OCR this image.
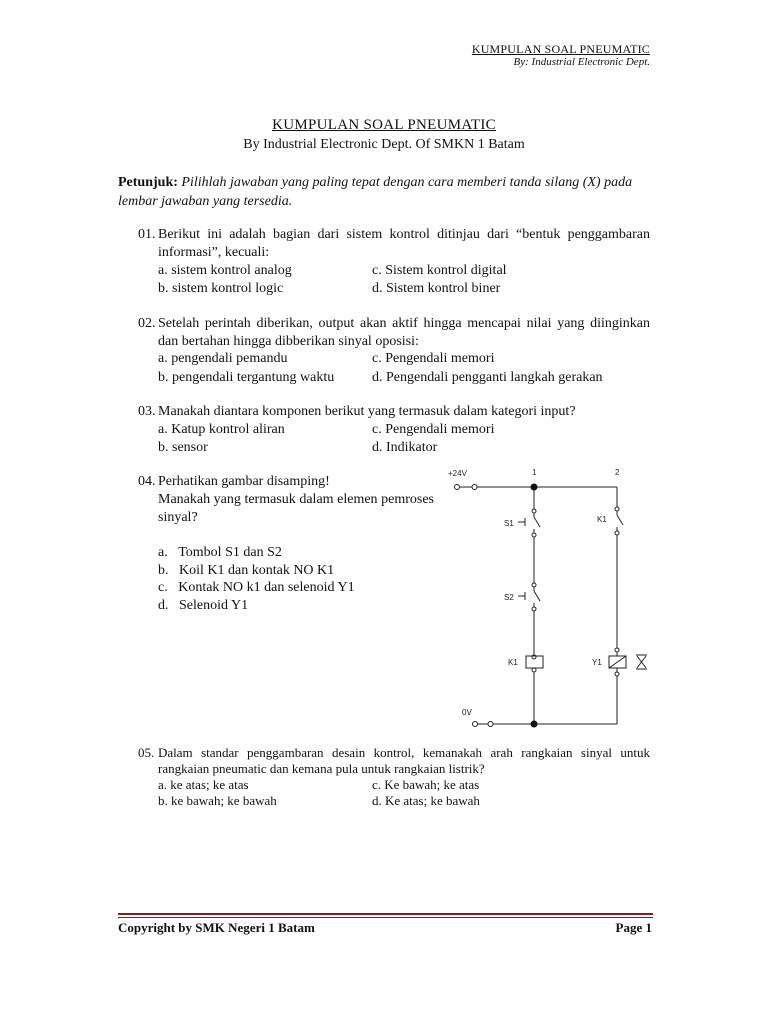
KUMPULAN SOAL PNEUMATIC
By: Industrial Electronic Dept.
KUMPULAN SOAL PNEUMATIC
By Industrial Electronic Dept. Of SMKN 1 Batam
Petunjuk: Pilihlah jawaban yang paling tepat dengan cara memberi tanda silang (X) pada lembar jawaban yang tersedia.
01. Berikut ini adalah bagian dari sistem kontrol ditinjau dari “bentuk penggambaran informasi”, kecuali:
a. sistem kontrol analog	c. Sistem kontrol digital
b. sistem kontrol logic	d. Sistem kontrol biner
02. Setelah perintah diberikan, output akan aktif hingga mencapai nilai yang diinginkan dan bertahan hingga dibberikan sinyal oposisi:
a. pengendali pemandu	c. Pengendali memori
b. pengendali tergantung waktu	d. Pengendali pengganti langkah gerakan
03. Manakah diantara komponen berikut yang termasuk dalam kategori input?
a. Katup kontrol aliran	c. Pengendali memori
b. sensor	d. Indikator
04. Perhatikan gambar disamping!
Manakah yang termasuk dalam elemen pemroses sinyal?
a.   Tombol S1 dan S2
b.   Koil K1 dan kontak NO K1
c.   Kontak NO k1 dan selenoid Y1
d.   Selenoid Y1
+24V
0V
1	2
S1
S2
K1
K1	Y1
05. Dalam standar penggambaran desain kontrol, kemanakah arah rangkaian sinyal untuk rangkaian pneumatic dan kemana pula untuk rangkaian listrik?
a. ke atas; ke atas	c. Ke bawah; ke atas
b. ke bawah; ke bawah	d. Ke atas; ke bawah
Copyright by SMK Negeri 1 Batam	Page 1
